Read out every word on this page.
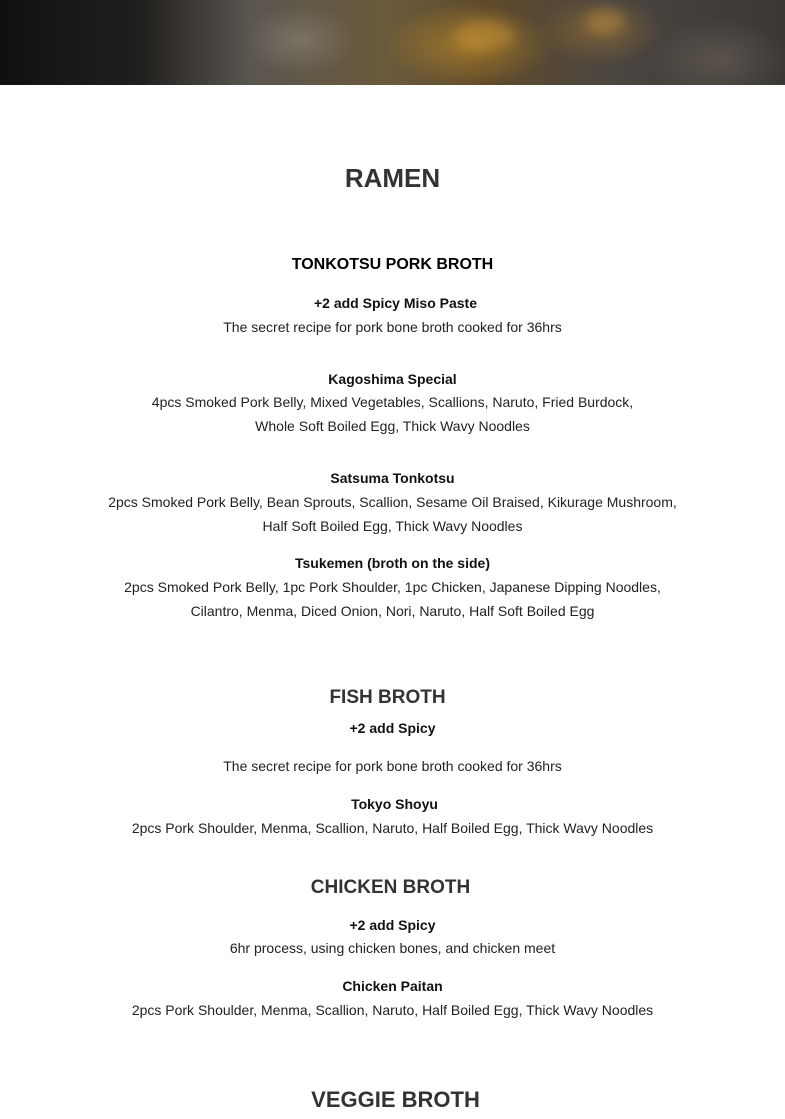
RAMEN
TONKOTSU PORK BROTH
+2 add Spicy Miso Paste
The secret recipe for pork bone broth cooked for 36hrs
Kagoshima Special
4pcs Smoked Pork Belly, Mixed Vegetables, Scallions, Naruto, Fried Burdock,
Whole Soft Boiled Egg, Thick Wavy Noodles
Satsuma Tonkotsu
2pcs Smoked Pork Belly, Bean Sprouts, Scallion, Sesame Oil Braised, Kikurage Mushroom,
Half Soft Boiled Egg, Thick Wavy Noodles
Tsukemen (broth on the side)
2pcs Smoked Pork Belly, 1pc Pork Shoulder, 1pc Chicken, Japanese Dipping Noodles,
Cilantro, Menma, Diced Onion, Nori, Naruto, Half Soft Boiled Egg
FISH BROTH
+2 add Spicy
The secret recipe for pork bone broth cooked for 36hrs
Tokyo Shoyu
2pcs Pork Shoulder, Menma, Scallion, Naruto, Half Boiled Egg, Thick Wavy Noodles
CHICKEN BROTH
+2 add Spicy
6hr process, using chicken bones, and chicken meet
Chicken Paitan
2pcs Pork Shoulder, Menma, Scallion, Naruto, Half Boiled Egg, Thick Wavy Noodles
VEGGIE BROTH
